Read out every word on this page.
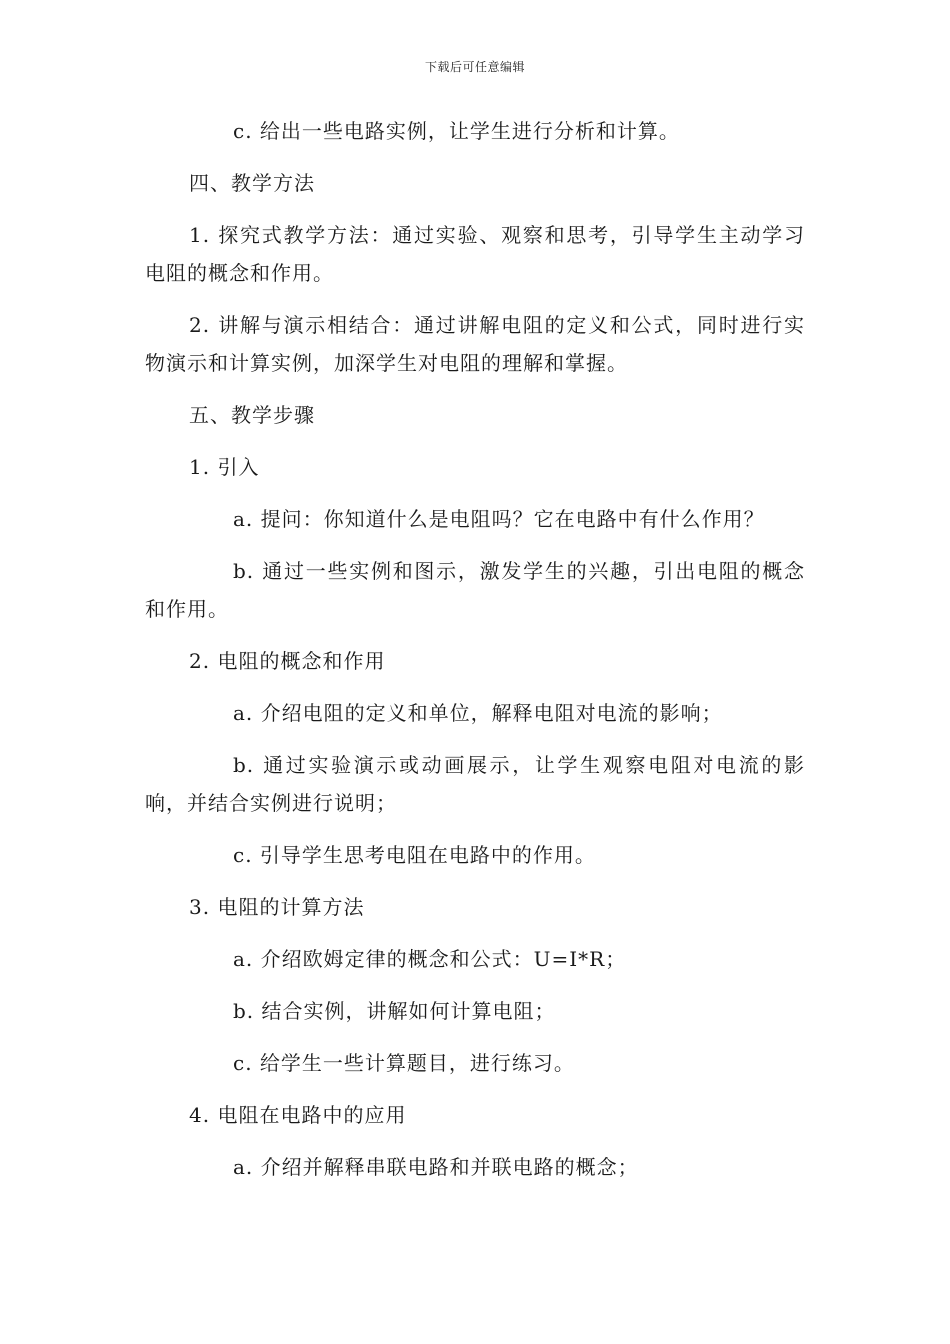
下载后可任意编辑

c. 给出一些电路实例，让学生进行分析和计算。

四、教学方法

1. 探究式教学方法：通过实验、观察和思考，引导学生主动学习电阻的概念和作用。

2. 讲解与演示相结合：通过讲解电阻的定义和公式，同时进行实物演示和计算实例，加深学生对电阻的理解和掌握。

五、教学步骤

1. 引入

a. 提问：你知道什么是电阻吗？它在电路中有什么作用？

b. 通过一些实例和图示，激发学生的兴趣，引出电阻的概念和作用。

2. 电阻的概念和作用

a. 介绍电阻的定义和单位，解释电阻对电流的影响；

b. 通过实验演示或动画展示，让学生观察电阻对电流的影响，并结合实例进行说明；

c. 引导学生思考电阻在电路中的作用。

3. 电阻的计算方法

a. 介绍欧姆定律的概念和公式：U=I*R；

b. 结合实例，讲解如何计算电阻；

c. 给学生一些计算题目，进行练习。

4. 电阻在电路中的应用

a. 介绍并解释串联电路和并联电路的概念；
